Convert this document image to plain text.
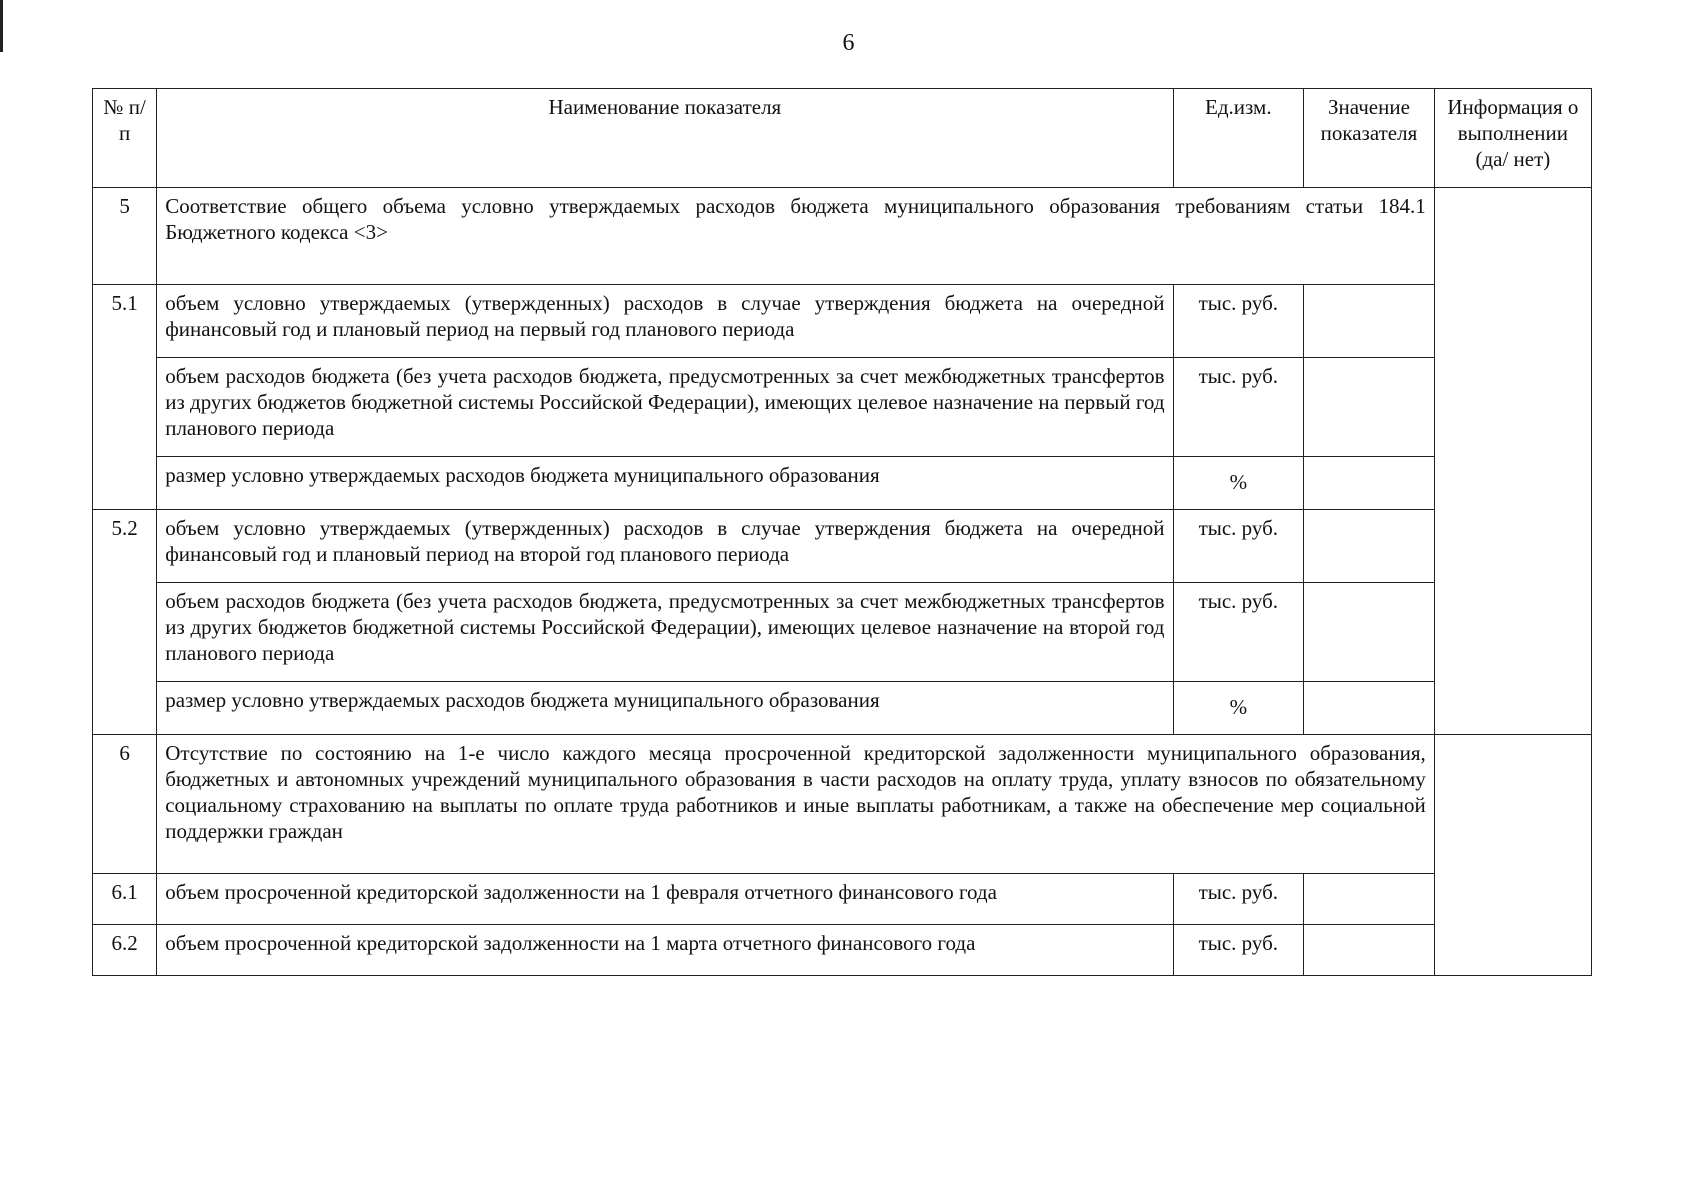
6
№ п/п	Наименование показателя	Ед.изм.	Значение показателя	Информация о выполнении (да/ нет)
5	Соответствие общего объема условно утверждаемых расходов бюджета муниципального образования требованиям статьи 184.1 Бюджетного кодекса <3>			
5.1	объем условно утверждаемых (утвержденных) расходов в случае утверждения бюджета на очередной финансовый год и плановый период на первый год планового периода	тыс. руб.		
	объем расходов бюджета (без учета расходов бюджета, предусмотренных за счет межбюджетных трансфертов из других бюджетов бюджетной системы Российской Федерации), имеющих целевое назначение на первый год планового периода	тыс. руб.		
	размер условно утверждаемых расходов бюджета муниципального образования	%		
5.2	объем условно утверждаемых (утвержденных) расходов в случае утверждения бюджета на очередной финансовый год и плановый период на второй год планового периода	тыс. руб.		
	объем расходов бюджета (без учета расходов бюджета, предусмотренных за счет межбюджетных трансфертов из других бюджетов бюджетной системы Российской Федерации), имеющих целевое назначение на второй год планового периода	тыс. руб.		
	размер условно утверждаемых расходов бюджета муниципального образования	%		
6	Отсутствие по состоянию на 1-е число каждого месяца просроченной кредиторской задолженности муниципального образования, бюджетных и автономных учреждений муниципального образования в части расходов на оплату труда, уплату взносов по обязательному социальному страхованию на выплаты по оплате труда работников и иные выплаты работникам, а также на обеспечение мер социальной поддержки граждан			
6.1	объем просроченной кредиторской задолженности на 1 февраля отчетного финансового года	тыс. руб.		
6.2	объем просроченной кредиторской задолженности на 1 марта отчетного финансового года	тыс. руб.		
